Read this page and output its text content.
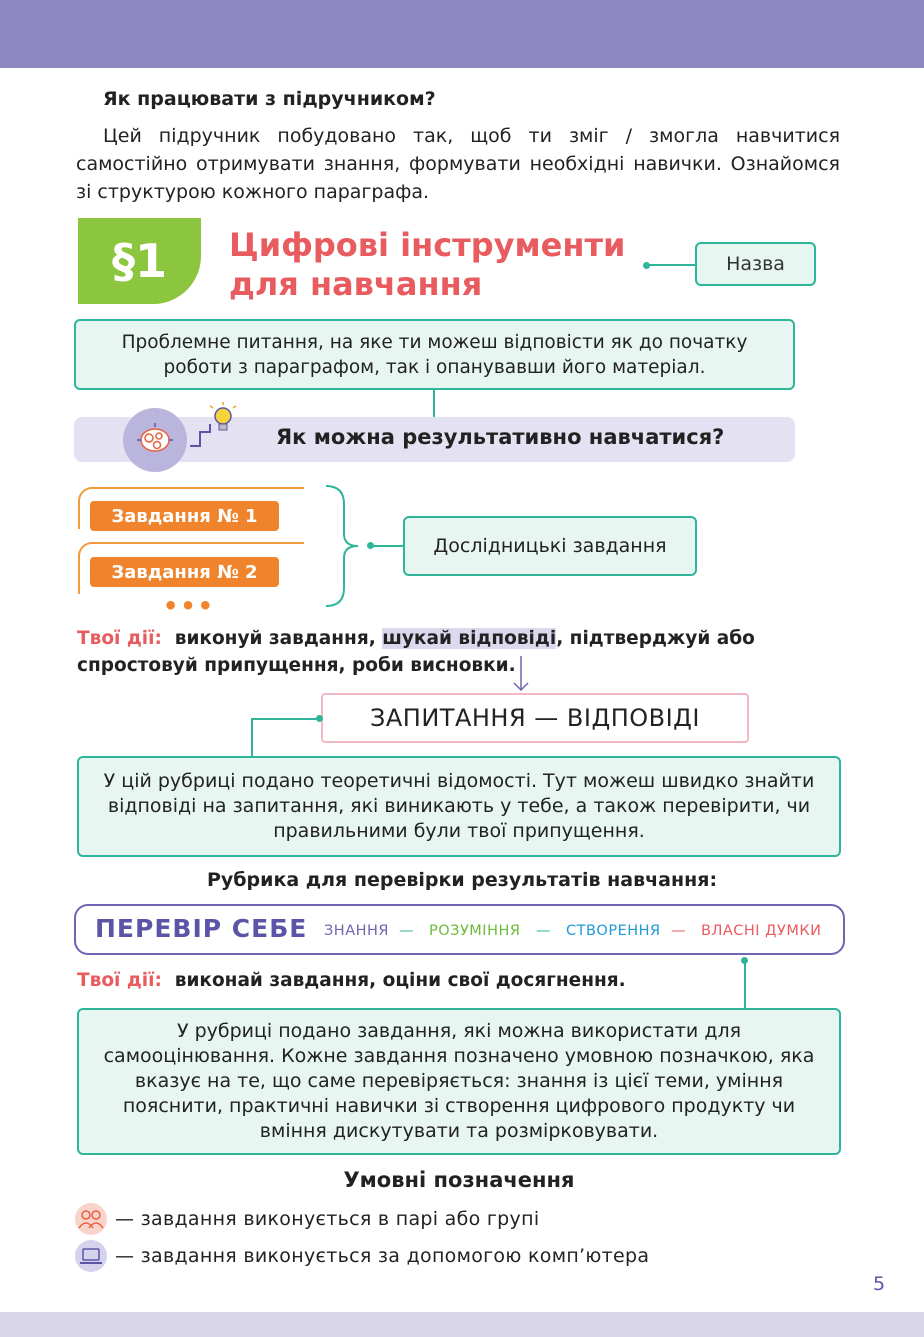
Як працювати з підручником?
Цей підручник побудовано так, щоб ти зміг / змогла навчитися самостійно отримувати знання, формувати необхідні навички. Ознайомся зі структурою кожного параграфа.
§1	Цифрові інструменти для навчання
Назва
Проблемне питання, на яке ти можеш відповісти як до початку роботи з параграфом, так і опанувавши його матеріал.
Як можна результативно навчатися?
Завдання № 1
Завдання № 2
•••
Дослідницькі завдання
Твої дії: виконуй завдання, шукай відповіді, підтверджуй або спростовуй припущення, роби висновки.
ЗАПИТАННЯ — ВІДПОВІДІ
У цій рубриці подано теоретичні відомості. Тут можеш швидко знайти відповіді на запитання, які виникають у тебе, а також перевірити, чи правильними були твої припущення.
Рубрика для перевірки результатів навчання:
ПЕРЕВІР СЕБЕ ЗНАННЯ — РОЗУМІННЯ — СТВОРЕННЯ — ВЛАСНІ ДУМКИ
Твої дії: виконай завдання, оціни свої досягнення.
У рубриці подано завдання, які можна використати для самооцінювання. Кожне завдання позначено умовною позначкою, яка вказує на те, що саме перевіряється: знання із цієї теми, уміння пояснити, практичні навички зі створення цифрового продукту чи вміння дискутувати та розмірковувати.
Умовні позначення
— завдання виконується в парі або групі
— завдання виконується за допомогою комп’ютера
5
